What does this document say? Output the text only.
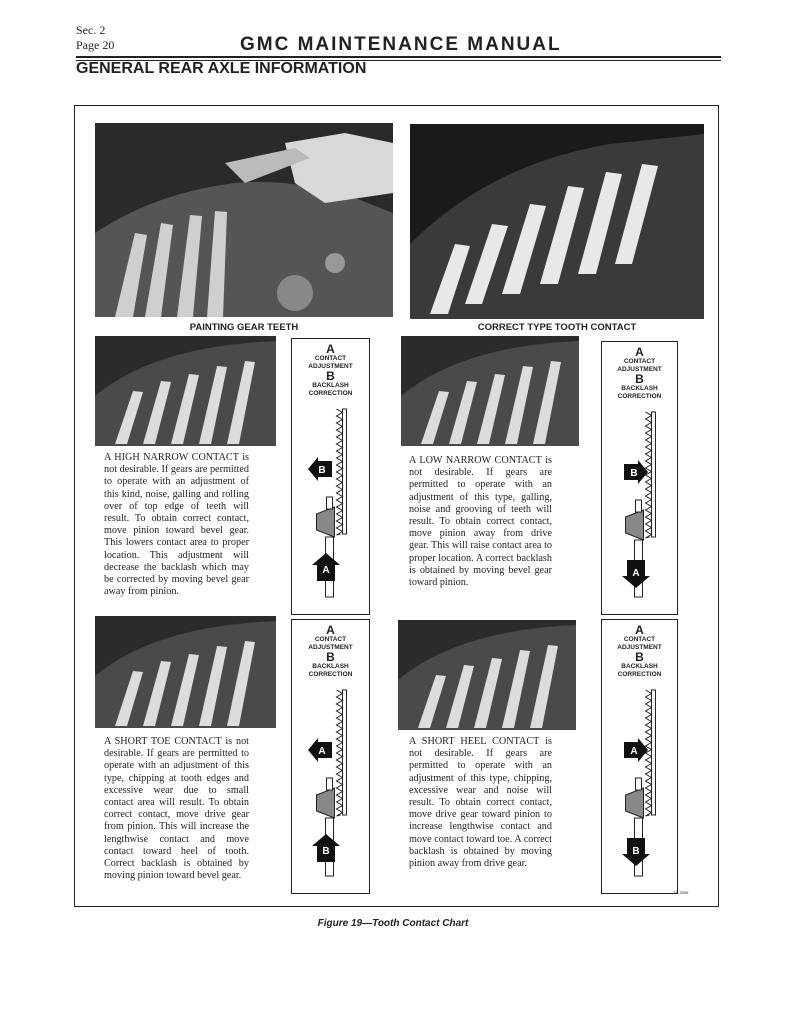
Sec. 2
Page 20	GMC MAINTENANCE MANUAL
GENERAL REAR AXLE INFORMATION
PAINTING GEAR TEETH	CORRECT TYPE TOOTH CONTACT
A HIGH NARROW CONTACT is not desirable. If gears are permitted to operate with an adjustment of this kind, noise, galling and rolling over of top edge of teeth will result. To obtain correct contact, move pinion toward bevel gear. This lowers contact area to proper location. This adjustment will decrease the backlash which may be corrected by moving bevel gear away from pinion.
A LOW NARROW CONTACT is not desirable. If gears are permitted to operate with an adjustment of this type, galling, noise and grooving of teeth will result. To obtain correct contact, move pinion away from drive gear. This will raise contact area to proper location. A correct backlash is obtained by moving bevel gear toward pinion.
A SHORT TOE CONTACT is not desirable. If gears are permitted to operate with an adjustment of this type, chipping at tooth edges and excessive wear due to small contact area will result. To obtain correct contact, move drive gear from pinion. This will increase the lengthwise contact and move contact toward heel of tooth. Correct backlash is obtained by moving pinion toward bevel gear.
A SHORT HEEL CONTACT is not desirable. If gears are permitted to operate with an adjustment of this type, chipping, excessive wear and noise will result. To obtain correct contact, move drive gear toward pinion to increase lengthwise contact and move contact toward toe. A correct backlash is obtained by moving pinion away from drive gear.
A
CONTACT ADJUSTMENT
B
BACKLASH CORRECTION
B
A
A
CONTACT ADJUSTMENT
B
BACKLASH CORRECTION
B
A
A
CONTACT ADJUSTMENT
B
BACKLASH CORRECTION
A
B
A
CONTACT ADJUSTMENT
B
BACKLASH CORRECTION
A
B
TS-3399
Figure 19—Tooth Contact Chart
